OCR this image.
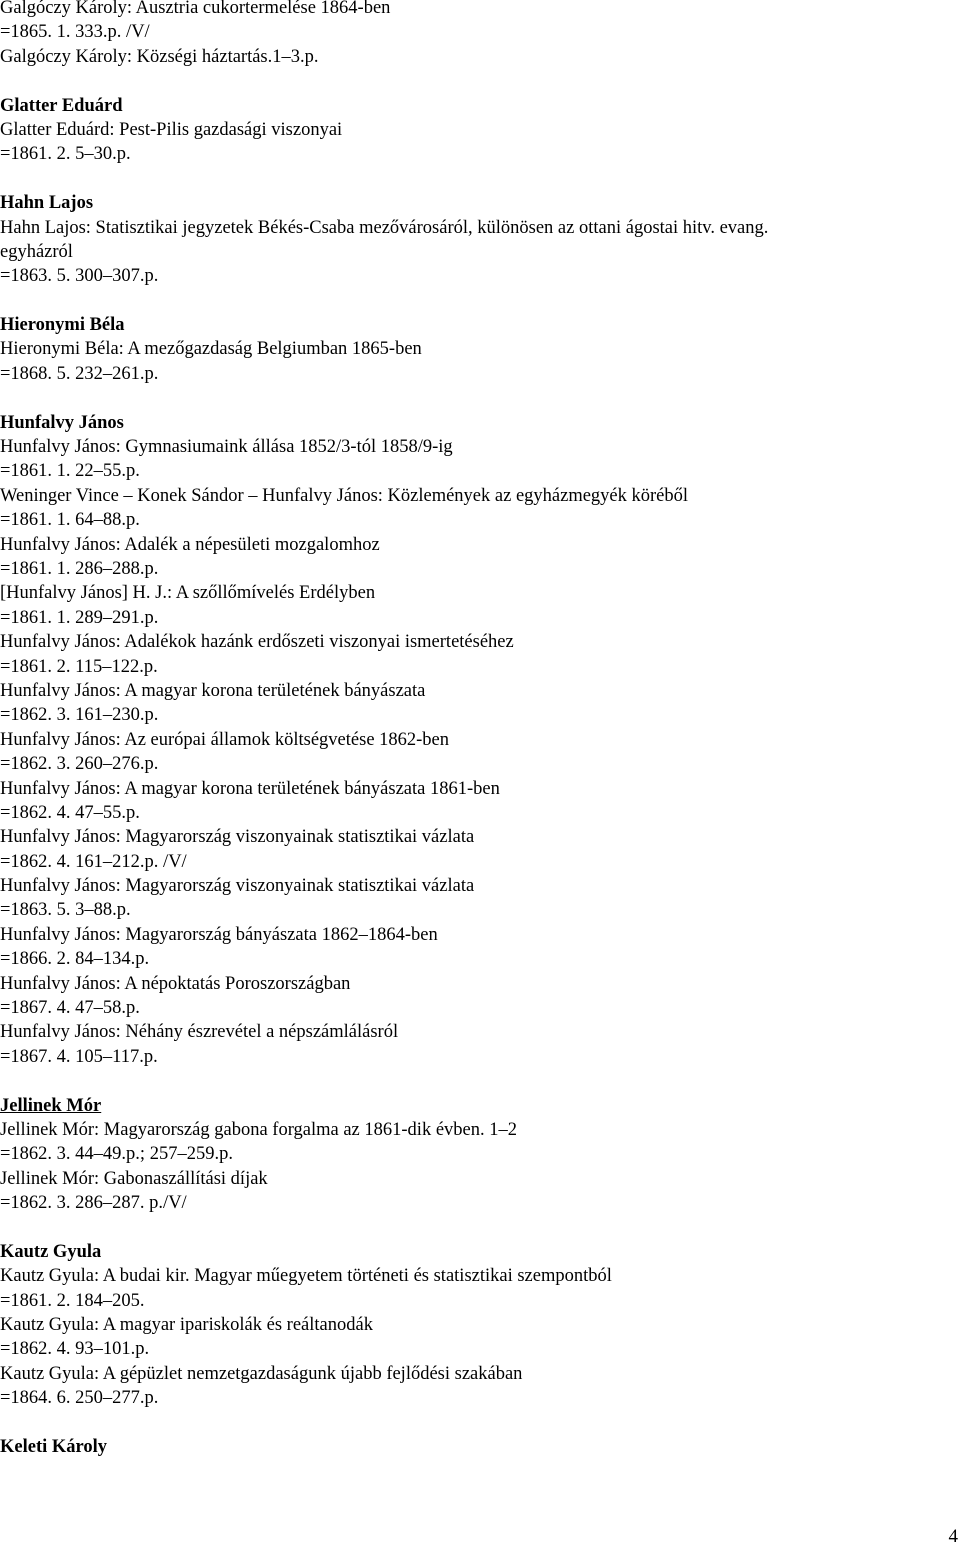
Galgóczy Károly: Ausztria cukortermelése 1864-ben
=1865. 1. 333.p. /V/
Galgóczy Károly: Községi háztartás.1–3.p.
Glatter Eduárd
Glatter Eduárd: Pest-Pilis gazdasági viszonyai
=1861. 2. 5–30.p.
Hahn Lajos
Hahn Lajos: Statisztikai jegyzetek Békés-Csaba mezővárosáról, különösen az ottani ágostai hitv. evang.
egyházról
=1863. 5. 300–307.p.
Hieronymi Béla
Hieronymi Béla: A mezőgazdaság Belgiumban 1865-ben
=1868. 5. 232–261.p.
Hunfalvy János
Hunfalvy János: Gymnasiumaink állása 1852/3-tól 1858/9-ig
=1861. 1. 22–55.p.
Weninger Vince – Konek Sándor – Hunfalvy János: Közlemények az egyházmegyék köréből
=1861. 1. 64–88.p.
Hunfalvy János: Adalék a népesületi mozgalomhoz
=1861. 1. 286–288.p.
[Hunfalvy János] H. J.: A szőllőmívelés Erdélyben
=1861. 1. 289–291.p.
Hunfalvy János: Adalékok hazánk erdőszeti viszonyai ismertetéséhez
=1861. 2. 115–122.p.
Hunfalvy János: A magyar korona területének bányászata
=1862. 3. 161–230.p.
Hunfalvy János: Az európai államok költségvetése 1862-ben
=1862. 3. 260–276.p.
Hunfalvy János: A magyar korona területének bányászata 1861-ben
=1862. 4. 47–55.p.
Hunfalvy János: Magyarország viszonyainak statisztikai vázlata
=1862. 4. 161–212.p. /V/
Hunfalvy János: Magyarország viszonyainak statisztikai vázlata
=1863. 5. 3–88.p.
Hunfalvy János: Magyarország bányászata 1862–1864-ben
=1866. 2. 84–134.p.
Hunfalvy János: A népoktatás Poroszországban
=1867. 4. 47–58.p.
Hunfalvy János: Néhány észrevétel a népszámlálásról
=1867. 4. 105–117.p.
Jellinek Mór
Jellinek Mór: Magyarország gabona forgalma az 1861-dik évben. 1–2
=1862. 3. 44–49.p.; 257–259.p.
Jellinek Mór: Gabonaszállítási díjak
=1862. 3. 286–287. p./V/
Kautz Gyula
Kautz Gyula: A budai kir. Magyar műegyetem történeti és statisztikai szempontból
=1861. 2. 184–205.
Kautz Gyula: A magyar ipariskolák és reáltanodák
=1862. 4. 93–101.p.
Kautz Gyula: A gépüzlet nemzetgazdaságunk újabb fejlődési szakában
=1864. 6. 250–277.p.
Keleti Károly
4
